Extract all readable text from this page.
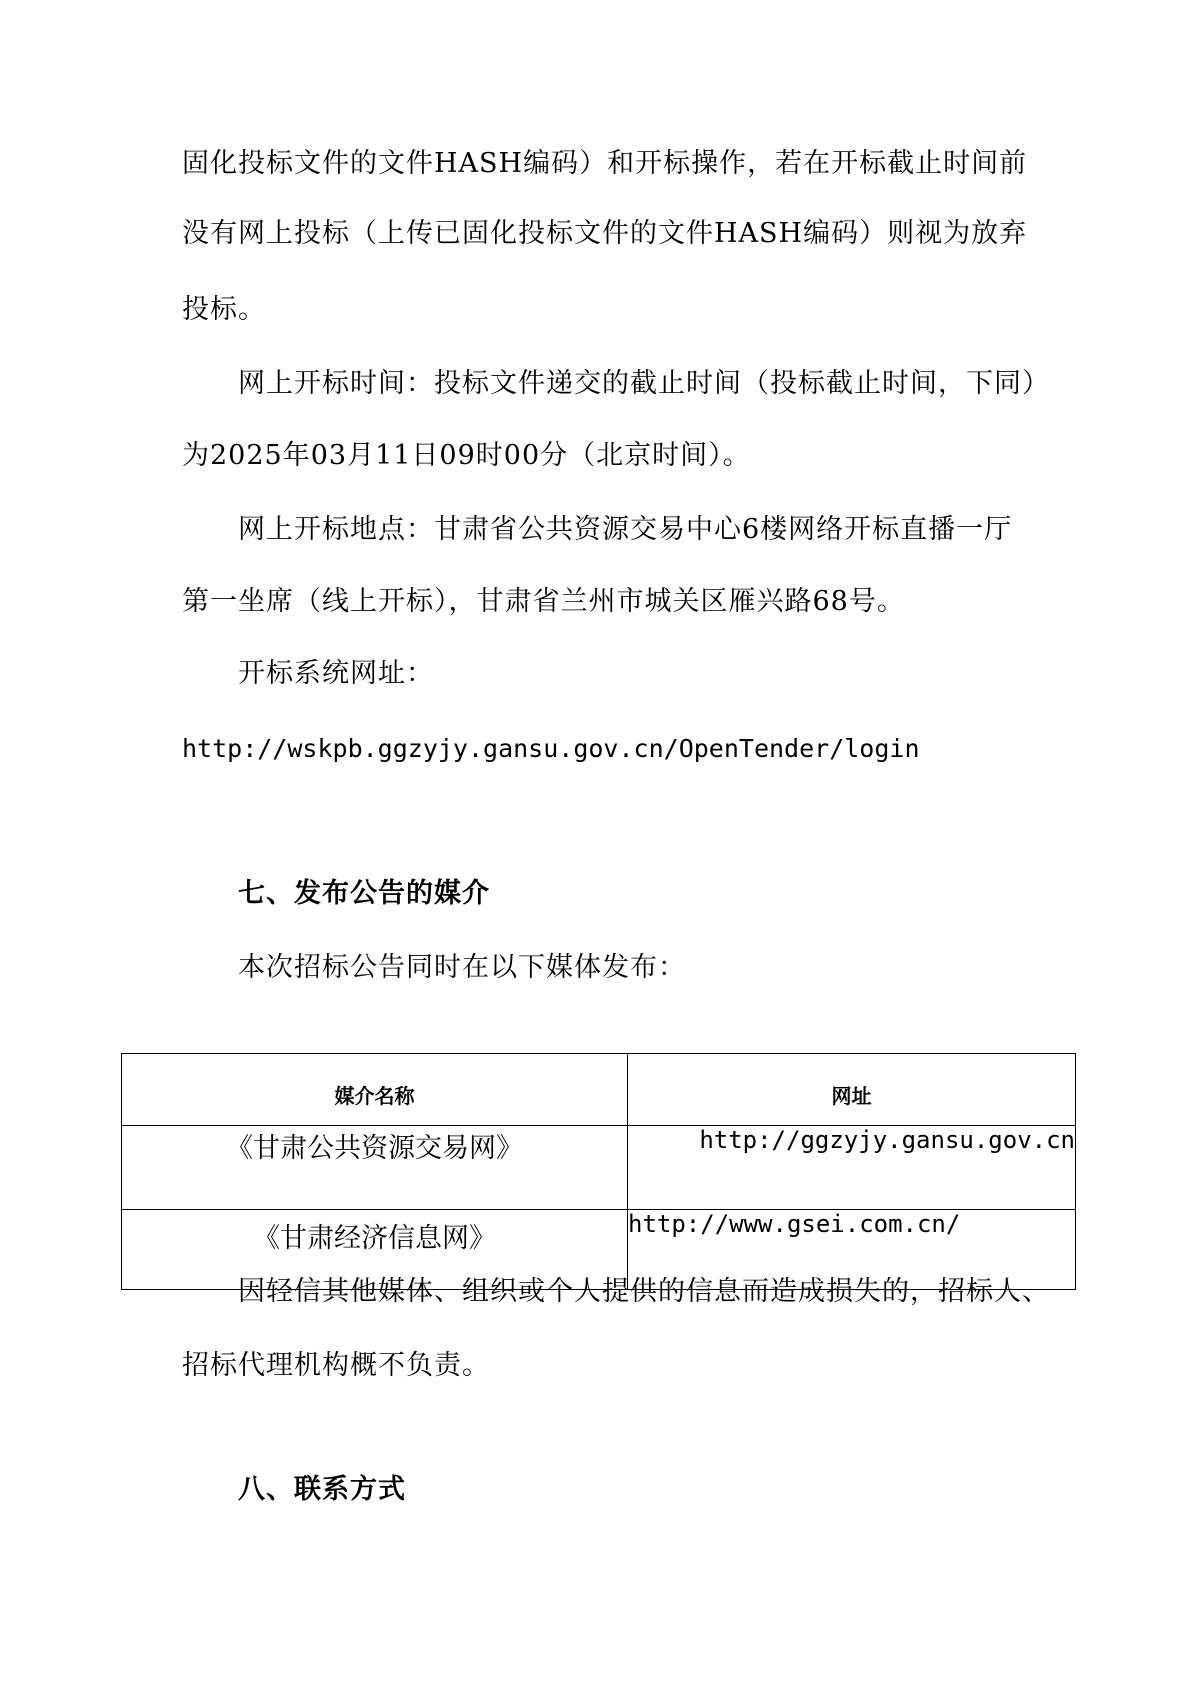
固化投标文件的文件HASH编码）和开标操作，若在开标截止时间前
没有网上投标（上传已固化投标文件的文件HASH编码）则视为放弃
投标。
网上开标时间：投标文件递交的截止时间（投标截止时间，下同）
为2025年03月11日09时00分（北京时间）。
网上开标地点：甘肃省公共资源交易中心6楼网络开标直播一厅
第一坐席（线上开标），甘肃省兰州市城关区雁兴路68号。
开标系统网址：
http://wskpb.ggzyjy.gansu.gov.cn/OpenTender/login
七、发布公告的媒介
本次招标公告同时在以下媒体发布：
媒介名称	网址
《甘肃公共资源交易网》	http://ggzyjy.gansu.gov.cn
《甘肃经济信息网》	http://www.gsei.com.cn/
因轻信其他媒体、组织或个人提供的信息而造成损失的，招标人、
招标代理机构概不负责。
八、联系方式
